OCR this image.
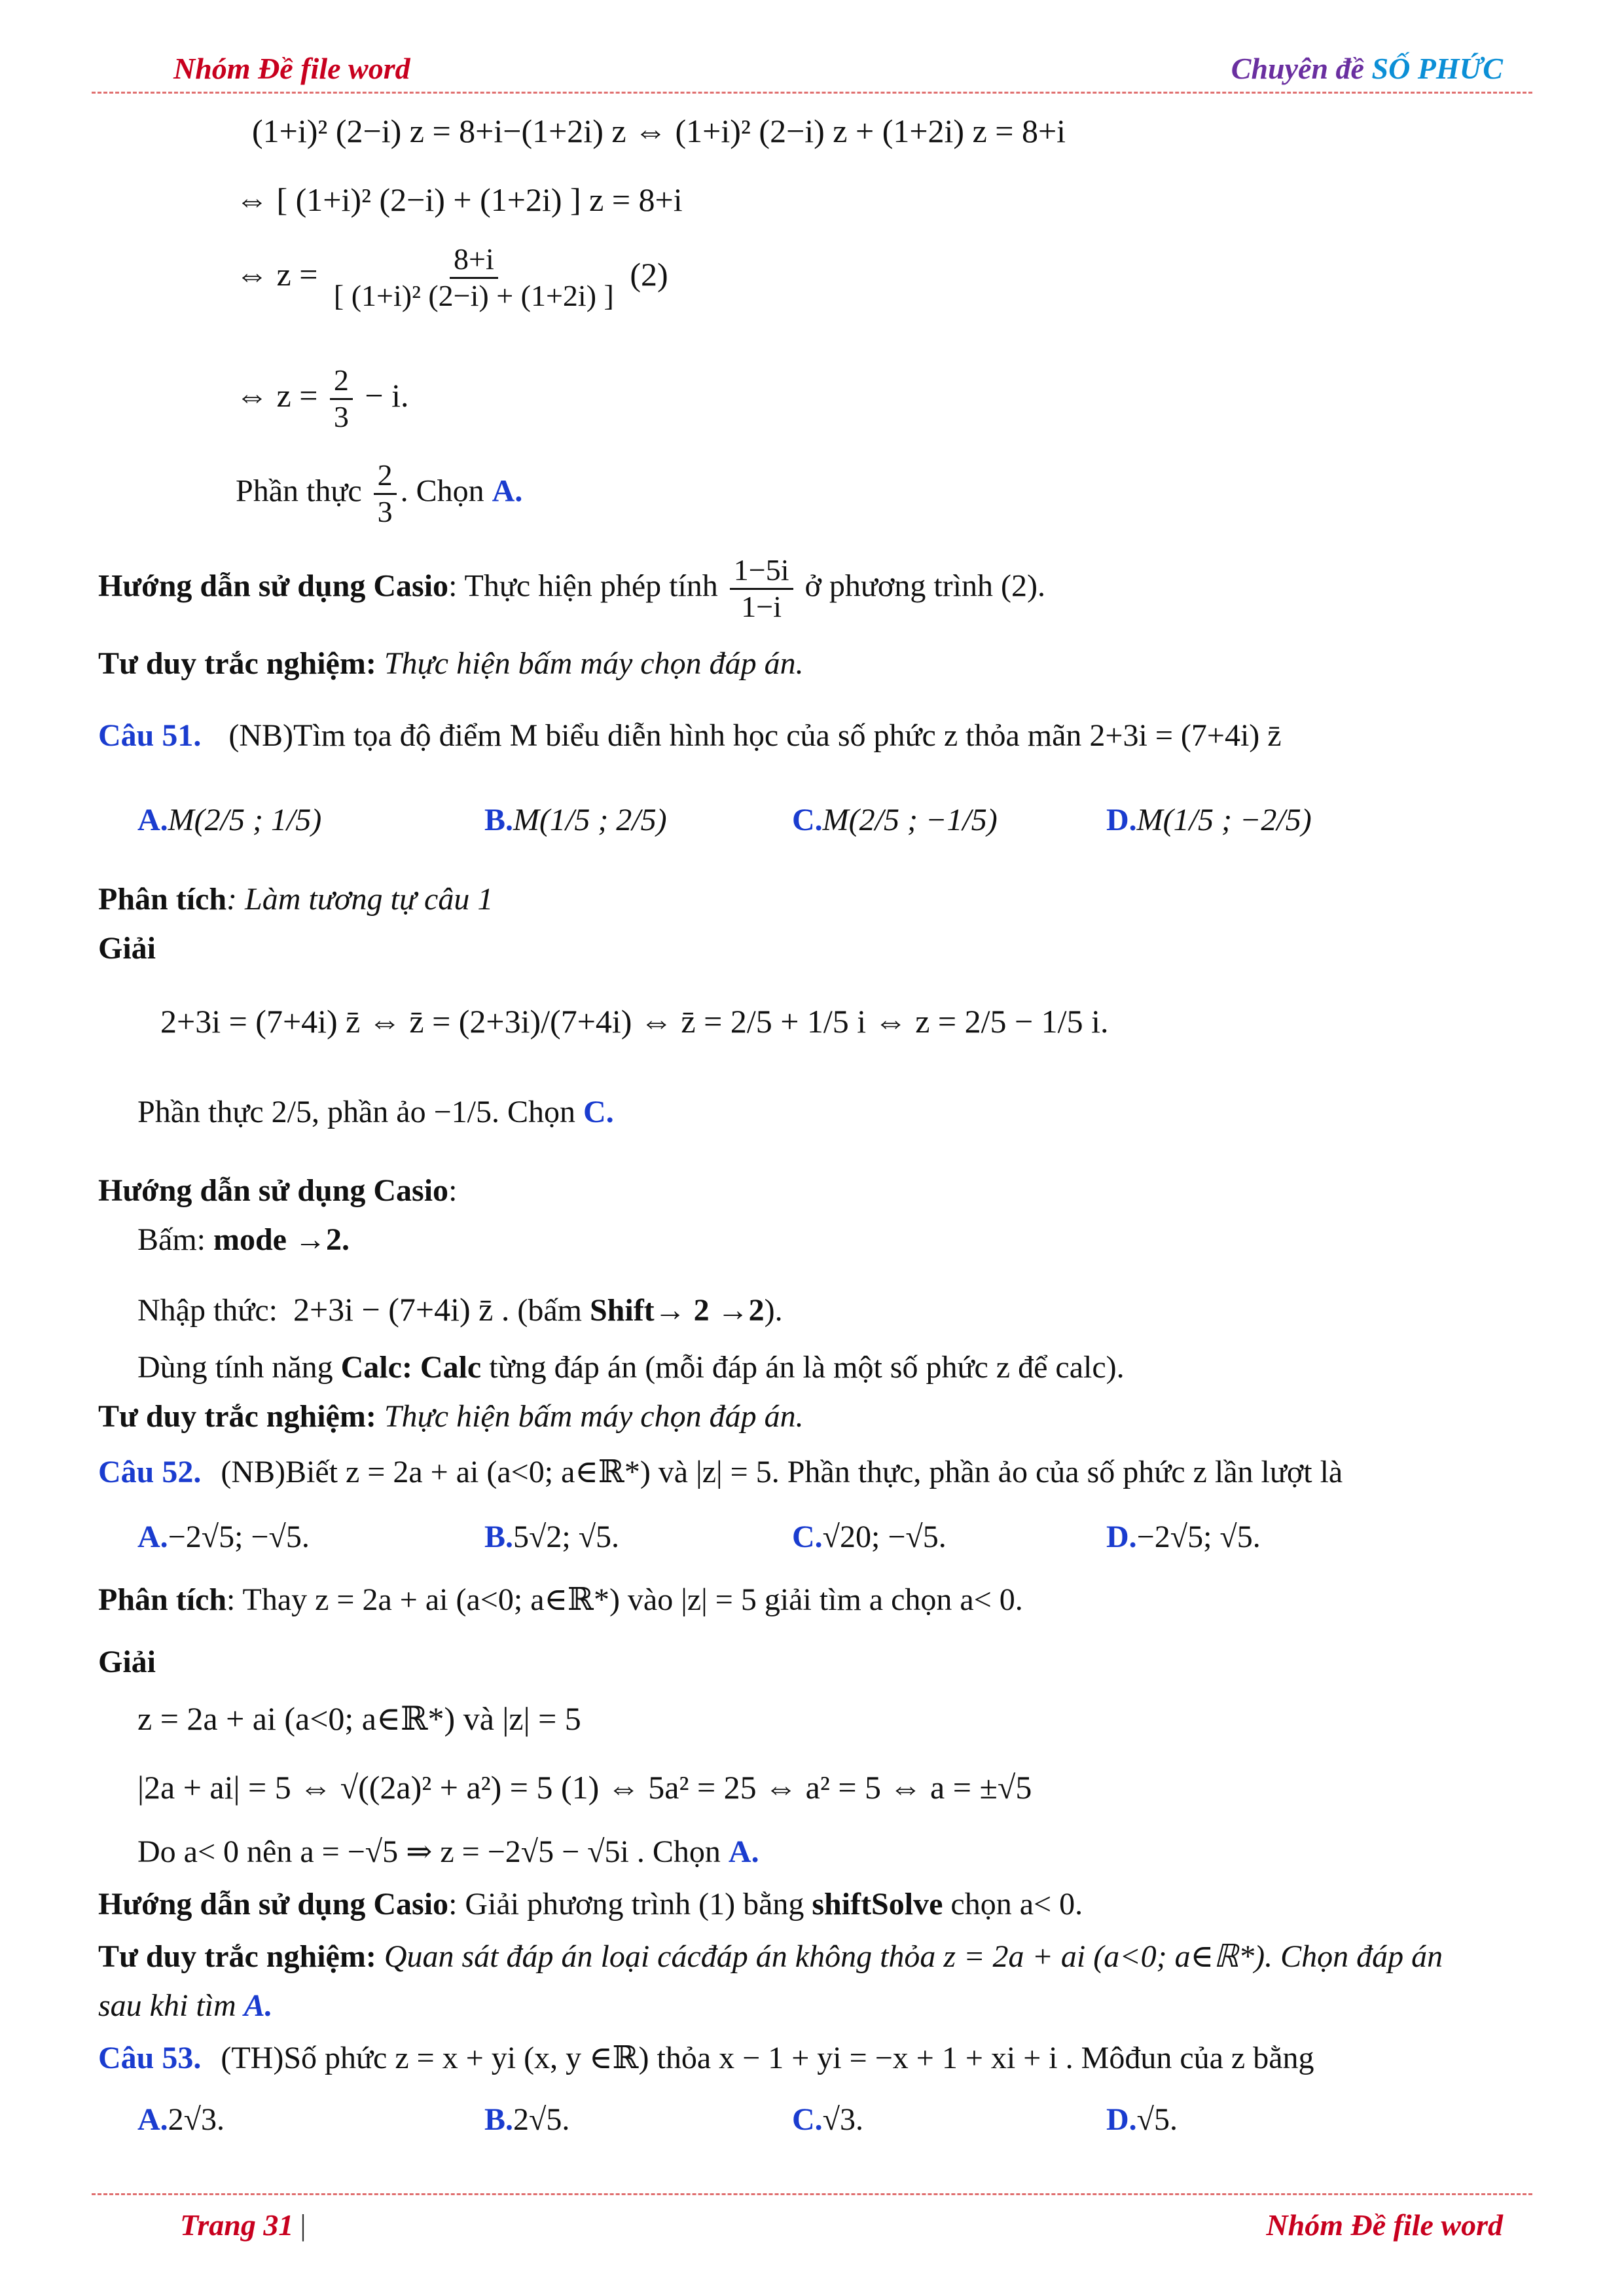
Nhóm Đề file word	Chuyên đề SỐ PHỨC
(1+i)² (2−i) z = 8+i−(1+2i) z ⇔ (1+i)² (2−i) z + (1+2i) z = 8+i
⇔ [ (1+i)² (2−i) + (1+2i) ] z = 8+i
⇔ $z = \frac{8+i}{\text{[ (1+i)² (2−i) + (1+2i) ]}} (2)$
⇔ $z = \frac{2}{3} - i$.
Phần thực $\frac{2}{3}$ . Chọn A.
Hướng dẫn sử dụng Casio: Thực hiện phép tính $\frac{1-5i}{1-i}$ ở phương trình (2).
Tư duy trắc nghiệm: Thực hiện bấm máy chọn đáp án.
Câu 51. (NB)Tìm tọa độ điểm M biểu diễn hình học của số phức z thỏa mãn 2+3i = (7+4i) z̄
A.M(2/5 ; 1/5)	B.M(1/5 ; 2/5)	C.M(2/5 ; −1/5)	D.M(1/5 ; −2/5)
Phân tích: Làm tương tự câu 1
Giải
2+3i = (7+4i) z̄ ⇔ z̄ = (2+3i)/(7+4i) ⇔ z̄ = 2/5 + 1/5 i ⇔ z = 2/5 − 1/5 i.
Phần thực 2/5, phần ảo −1/5. Chọn C.
Hướng dẫn sử dụng Casio:
Bấm: mode →2.
Nhập thức: 2+3i − (7+4i) z̄ . (bấm Shift→ 2 →2).
Dùng tính năng Calc: Calc từng đáp án (mỗi đáp án là một số phức z để calc).
Tư duy trắc nghiệm: Thực hiện bấm máy chọn đáp án.
Câu 52. (NB)Biết z = 2a + ai (a<0; a∈ℝ*) và |z| = 5. Phần thực, phần ảo của số phức z lần lượt là
A.−2√5; −√5.	B.5√2; √5.	C.√20; −√5.	D.−2√5; √5.
Phân tích: Thay z = 2a + ai (a<0; a∈ℝ*) vào |z| = 5 giải tìm a chọn a< 0.
Giải
z = 2a + ai (a<0; a∈ℝ*) và |z| = 5
|2a + ai| = 5 ⇔ √((2a)² + a²) = 5 (1) ⇔ 5a² = 25 ⇔ a² = 5 ⇔ a = ±√5
Do a< 0 nên a = −√5 ⇒ z = −2√5 − √5i . Chọn A.
Hướng dẫn sử dụng Casio: Giải phương trình (1) bằng shiftSolve chọn a< 0.
Tư duy trắc nghiệm: Quan sát đáp án loại cácđáp án không thỏa z = 2a + ai (a<0; a∈ℝ*). Chọn đáp án
sau khi tìm A.
Câu 53. (TH)Số phức z = x + yi (x, y ∈ℝ) thỏa x − 1 + yi = −x + 1 + xi + i . Môđun của z bằng
A.2√3.	B.2√5.	C.√3.	D.√5.
Trang 31 |	Nhóm Đề file word
